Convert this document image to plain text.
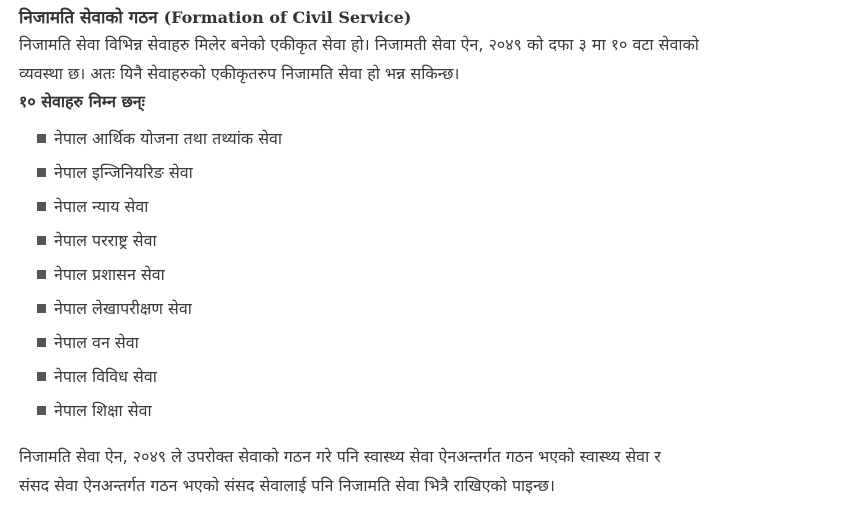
निजामति सेवाको गठन (Formation of Civil Service)

निजामति सेवा विभिन्न सेवाहरु मिलेर बनेको एकीकृत सेवा हो। निजामती सेवा ऐन, २०४९ को दफा ३ मा १० वटा सेवाको
व्यवस्था छ। अतः यिनै सेवाहरुको एकीकृतरुप निजामति सेवा हो भन्न सकिन्छ।

१० सेवाहरु निम्न छन्ः

नेपाल आर्थिक योजना तथा तथ्यांक सेवा
नेपाल इन्जिनियरिङ सेवा
नेपाल न्याय सेवा
नेपाल परराष्ट्र सेवा
नेपाल प्रशासन सेवा
नेपाल लेखापरीक्षण सेवा
नेपाल वन सेवा
नेपाल विविध सेवा
नेपाल शिक्षा सेवा

निजामति सेवा ऐन, २०४९ ले उपरोक्त सेवाको गठन गरे पनि स्वास्थ्य सेवा ऐनअन्तर्गत गठन भएको स्वास्थ्य सेवा र
संसद सेवा ऐनअन्तर्गत गठन भएको संसद सेवालाई पनि निजामति सेवा भित्रै राखिएको पाइन्छ।
